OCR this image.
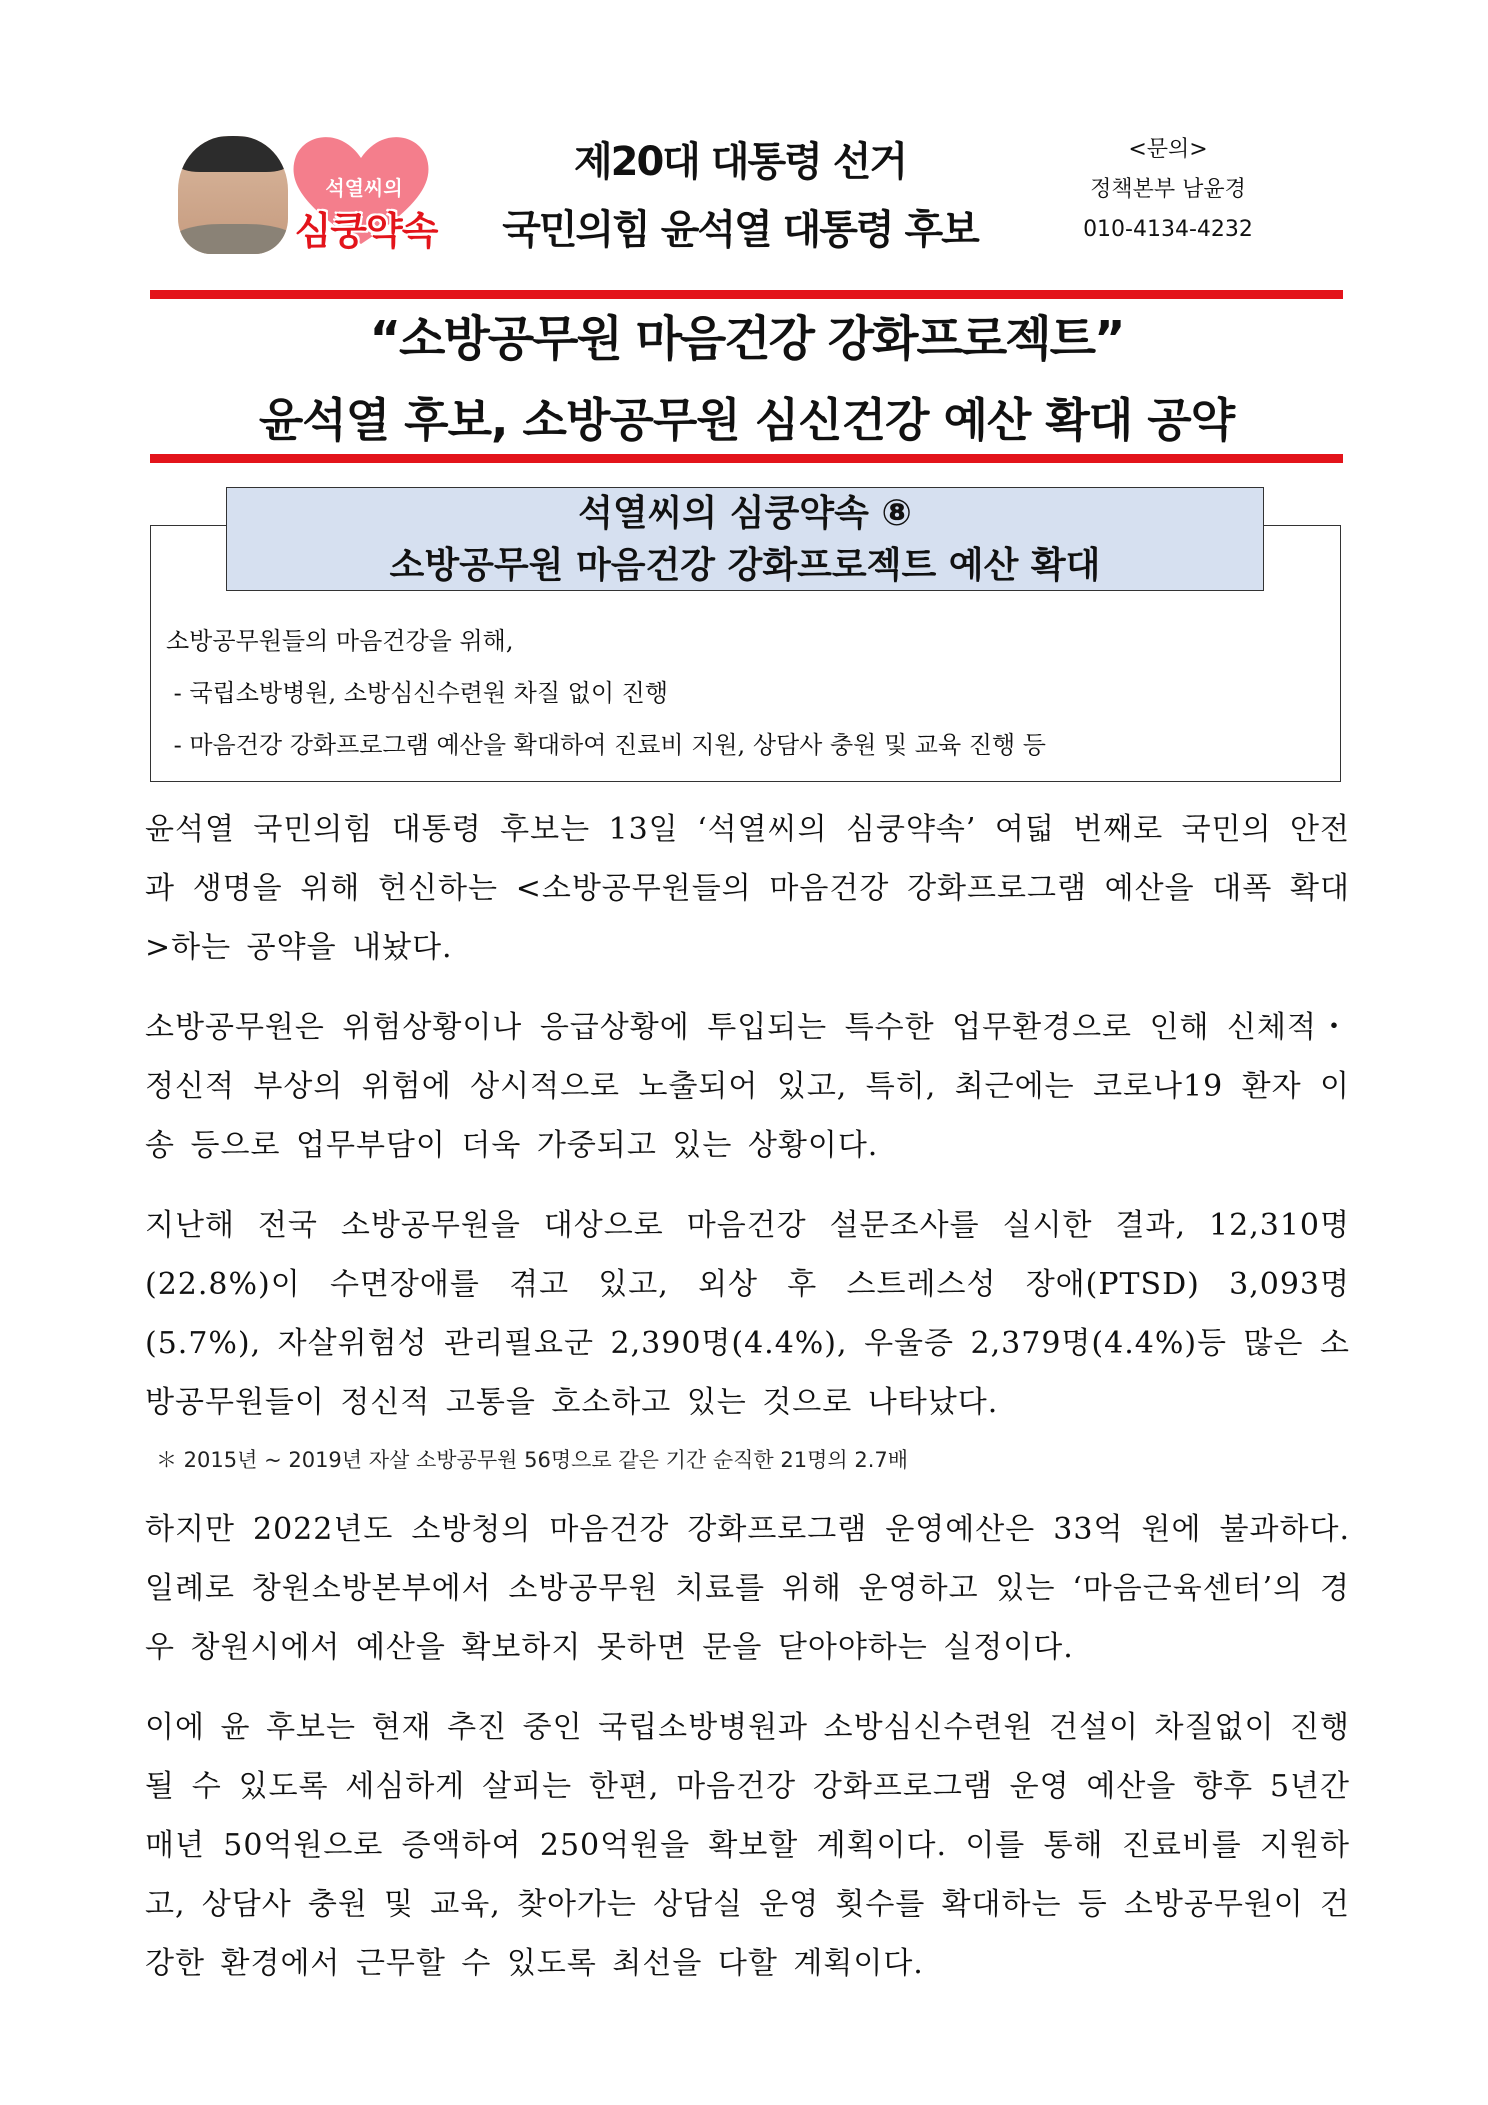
석열씨의
심쿵약속
제20대 대통령 선거
국민의힘 윤석열 대통령 후보
<문의>
정책본부 남윤경
010-4134-4232
“소방공무원 마음건강 강화프로젝트”
윤석열 후보, 소방공무원 심신건강 예산 확대 공약
석열씨의 심쿵약속 ⑧
소방공무원 마음건강 강화프로젝트 예산 확대
소방공무원들의 마음건강을 위해,
- 국립소방병원, 소방심신수련원 차질 없이 진행
- 마음건강 강화프로그램 예산을 확대하여 진료비 지원, 상담사 충원 및 교육 진행 등
윤석열 국민의힘 대통령 후보는 13일 ‘석열씨의 심쿵약속’ 여덟 번째로 국민의 안전과 생명을 위해 헌신하는 <소방공무원들의 마음건강 강화프로그램 예산을 대폭 확대>하는 공약을 내놨다.
소방공무원은 위험상황이나 응급상황에 투입되는 특수한 업무환경으로 인해 신체적・정신적 부상의 위험에 상시적으로 노출되어 있고, 특히, 최근에는 코로나19 환자 이송 등으로 업무부담이 더욱 가중되고 있는 상황이다.
지난해 전국 소방공무원을 대상으로 마음건강 설문조사를 실시한 결과, 12,310명(22.8%)이 수면장애를 겪고 있고, 외상 후 스트레스성 장애(PTSD) 3,093명(5.7%), 자살위험성 관리필요군 2,390명(4.4%), 우울증 2,379명(4.4%)등 많은 소방공무원들이 정신적 고통을 호소하고 있는 것으로 나타났다.
＊ 2015년 ~ 2019년 자살 소방공무원 56명으로 같은 기간 순직한 21명의 2.7배
하지만 2022년도 소방청의 마음건강 강화프로그램 운영예산은 33억 원에 불과하다. 일례로 창원소방본부에서 소방공무원 치료를 위해 운영하고 있는 ‘마음근육센터’의 경우 창원시에서 예산을 확보하지 못하면 문을 닫아야하는 실정이다.
이에 윤 후보는 현재 추진 중인 국립소방병원과 소방심신수련원 건설이 차질없이 진행될 수 있도록 세심하게 살피는 한편, 마음건강 강화프로그램 운영 예산을 향후 5년간 매년 50억원으로 증액하여 250억원을 확보할 계획이다. 이를 통해 진료비를 지원하고, 상담사 충원 및 교육, 찾아가는 상담실 운영 횟수를 확대하는 등 소방공무원이 건강한 환경에서 근무할 수 있도록 최선을 다할 계획이다.
